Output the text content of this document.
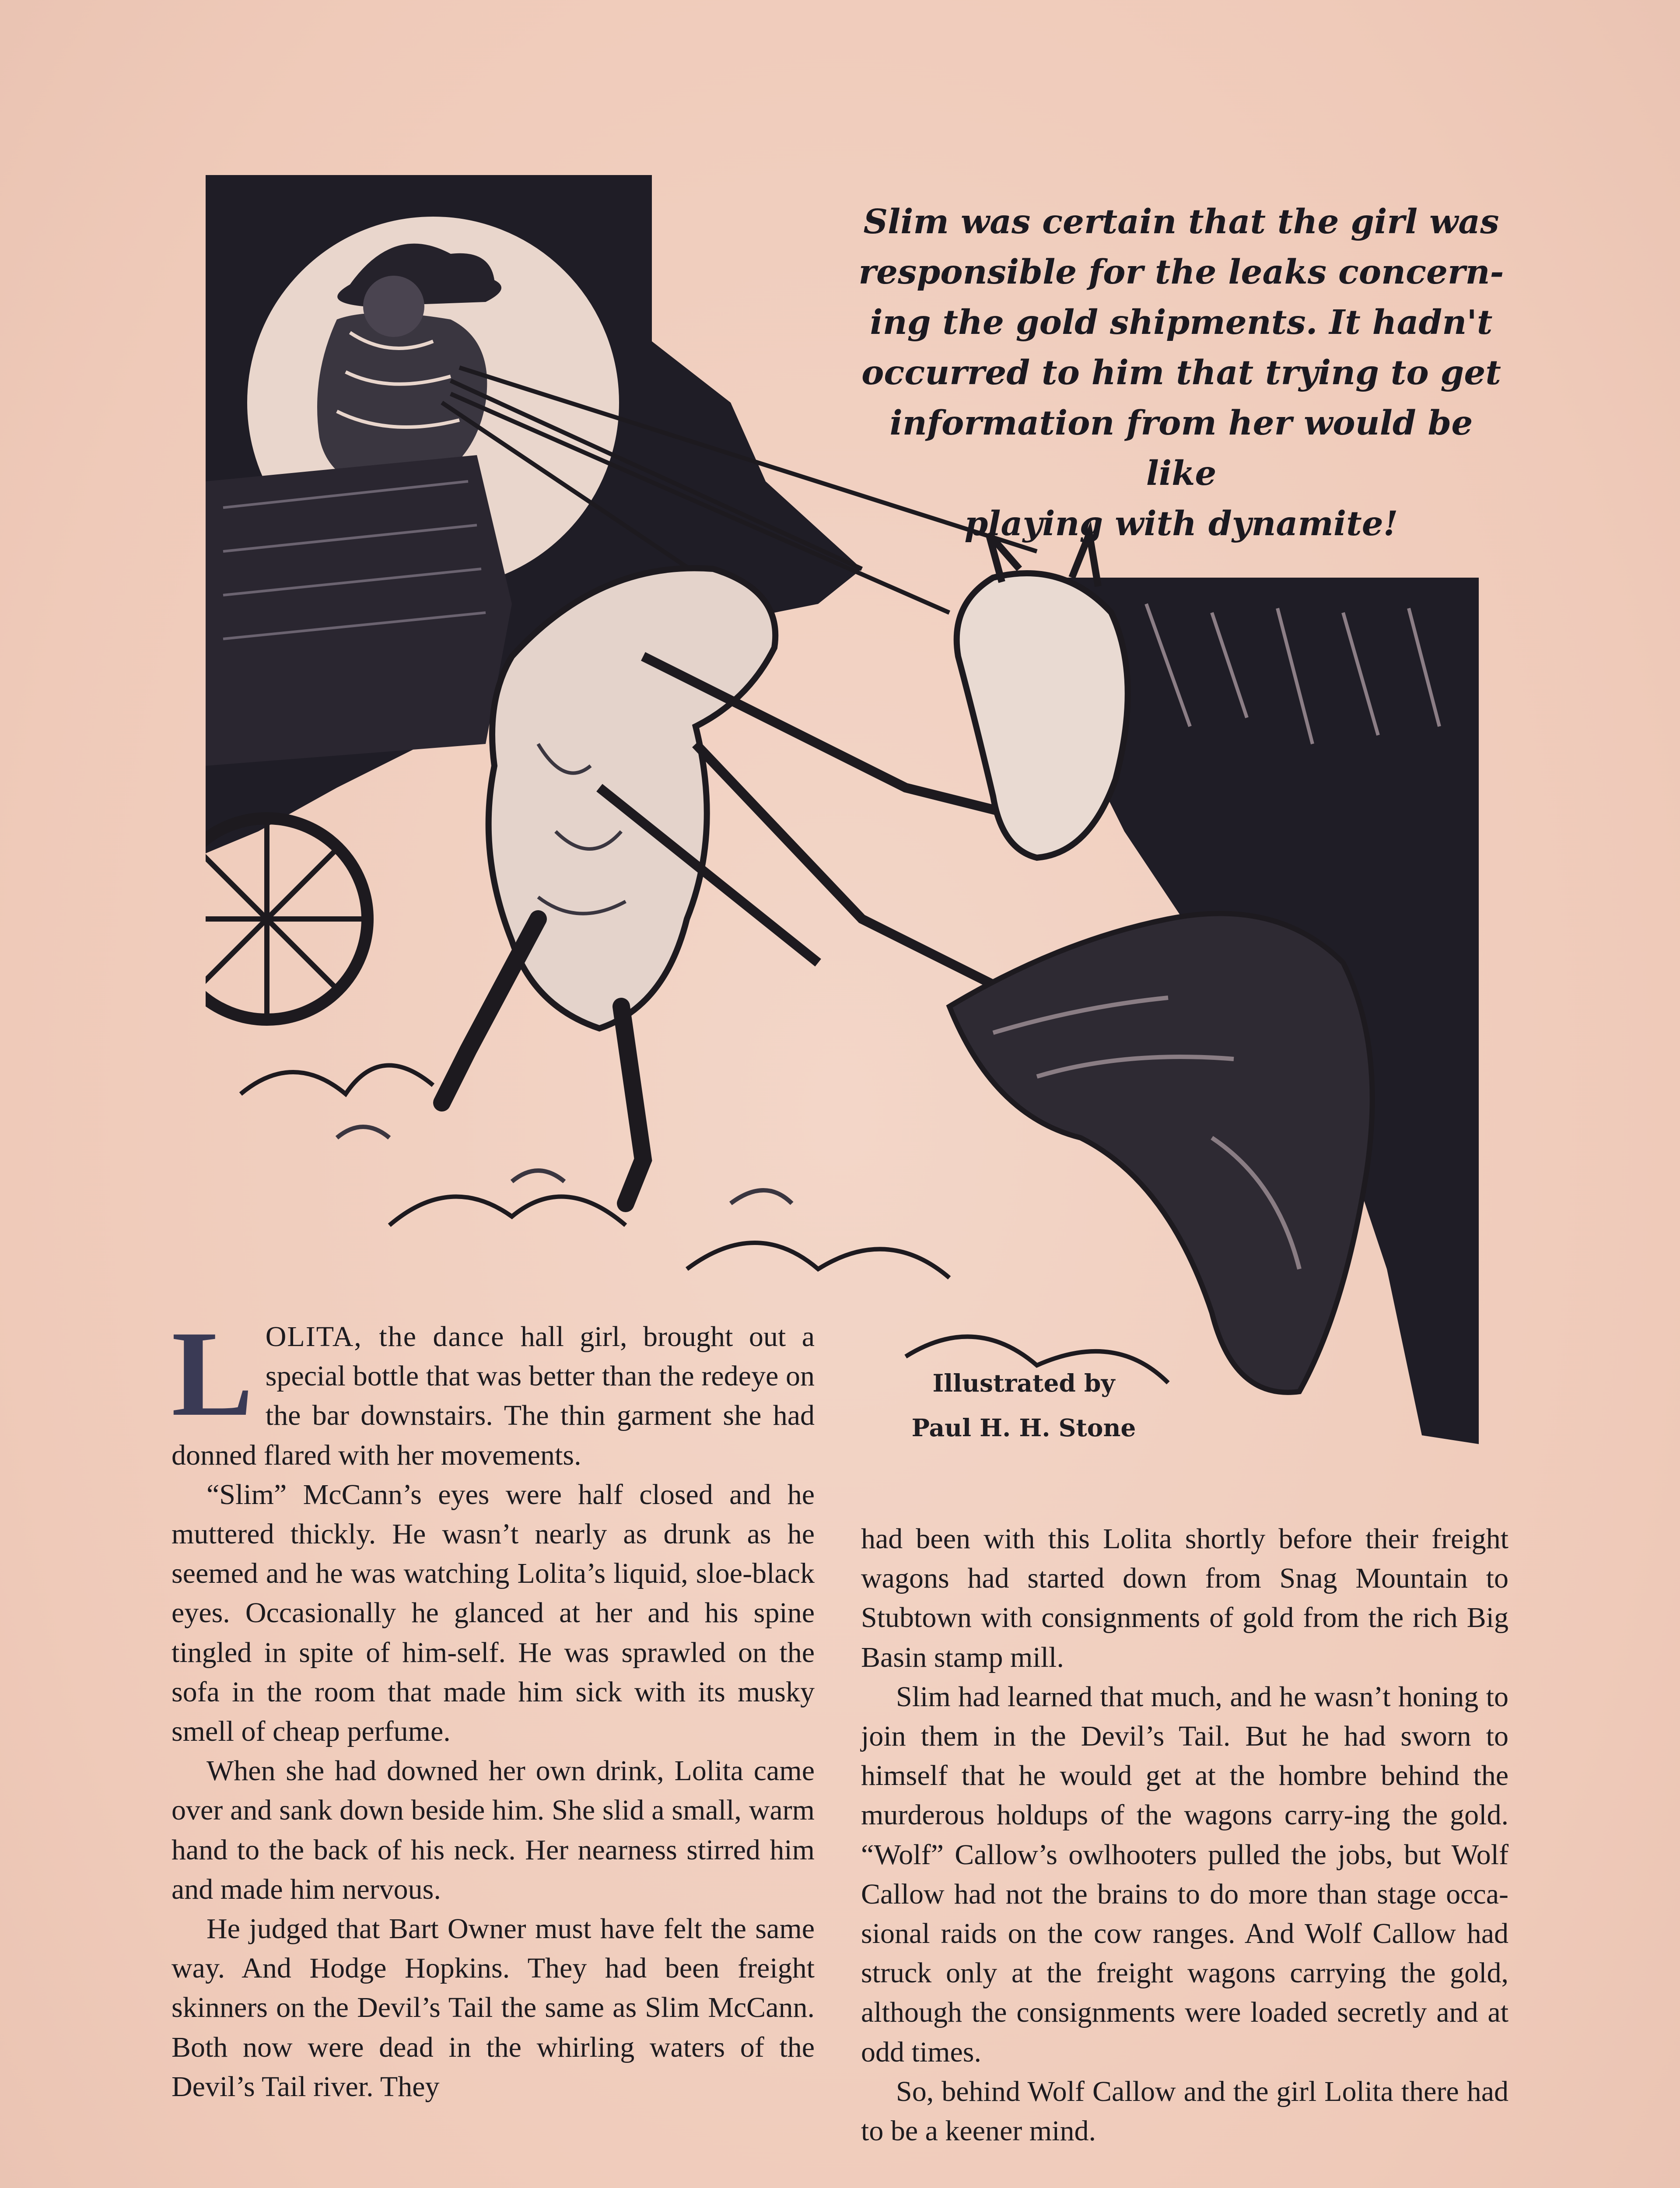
Slim was certain that the girl was
responsible for the leaks concern-
ing the gold shipments. It hadn't
occurred to him that trying to get
information from her would be like
playing with dynamite!
Illustrated by
Paul H. H. Stone

LOLITA, the dance hall girl, brought out a special bottle that was better than the redeye on the bar downstairs. The thin garment she had donned flared with her movements.

“Slim” McCann’s eyes were half closed and he muttered thickly. He wasn’t nearly as drunk as he seemed and he was watching Lolita’s liquid, sloe-black eyes. Occasionally he glanced at her and his spine tingled in spite of him-self. He was sprawled on the sofa in the room that made him sick with its musky smell of cheap perfume.

When she had downed her own drink, Lolita came over and sank down beside him. She slid a small, warm hand to the back of his neck. Her nearness stirred him and made him nervous.

He judged that Bart Owner must have felt the same way. And Hodge Hopkins. They had been freight skinners on the Devil’s Tail the same as Slim McCann. Both now were dead in the whirling waters of the Devil’s Tail river. They

had been with this Lolita shortly before their freight wagons had started down from Snag Mountain to Stubtown with consignments of gold from the rich Big Basin stamp mill.

Slim had learned that much, and he wasn’t honing to join them in the Devil’s Tail. But he had sworn to himself that he would get at the hombre behind the murderous holdups of the wagons carry-ing the gold. “Wolf” Callow’s owlhooters pulled the jobs, but Wolf Callow had not the brains to do more than stage occa-sional raids on the cow ranges. And Wolf Callow had struck only at the freight wagons carrying the gold, although the consignments were loaded secretly and at odd times.

So, behind Wolf Callow and the girl Lolita there had to be a keener mind.
